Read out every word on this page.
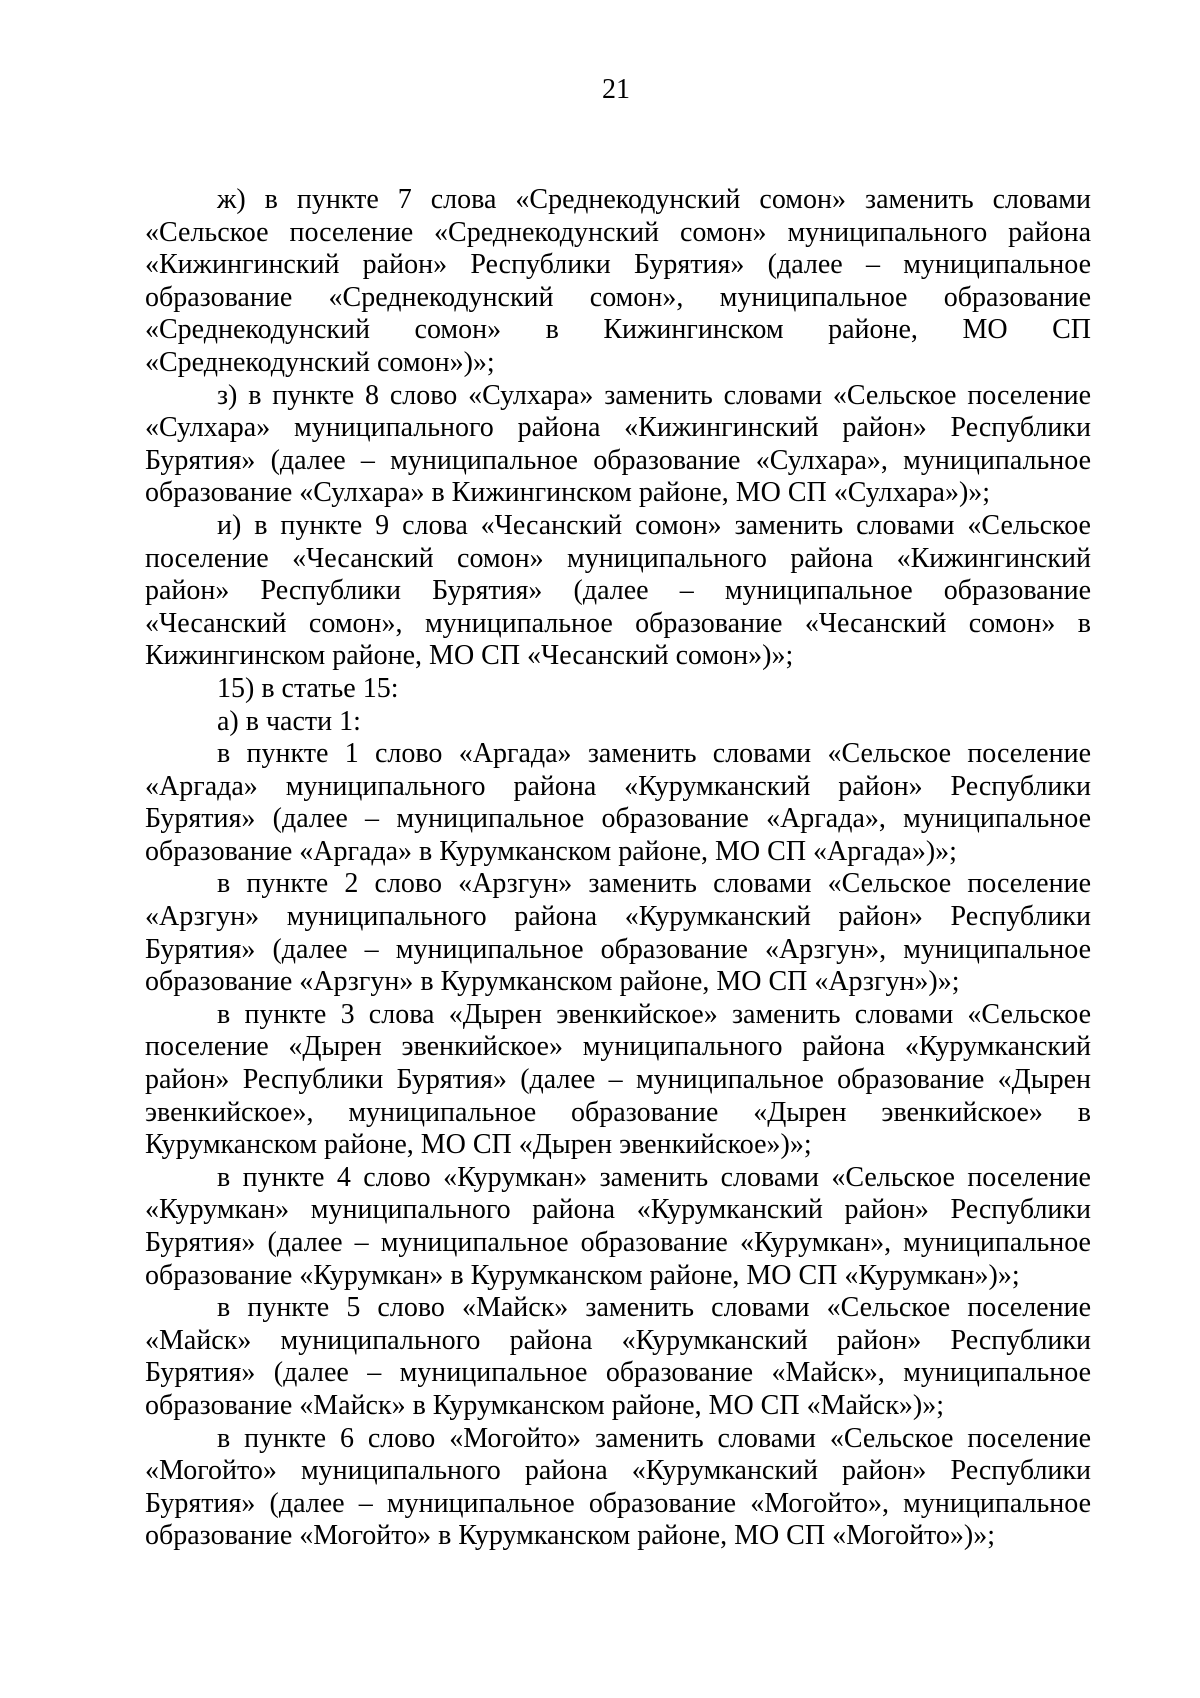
21

ж) в пункте 7 слова «Среднекодунский сомон» заменить словами «Сельское поселение «Среднекодунский сомон» муниципального района «Кижингинский район» Республики Бурятия» (далее – муниципальное образование «Среднекодунский сомон», муниципальное образование «Среднекодунский сомон» в Кижингинском районе, МО СП «Среднекодунский сомон»)»;

з) в пункте 8 слово «Сулхара» заменить словами «Сельское поселение «Сулхара» муниципального района «Кижингинский район» Республики Бурятия» (далее – муниципальное образование «Сулхара», муниципальное образование «Сулхара» в Кижингинском районе, МО СП «Сулхара»)»;

и) в пункте 9 слова «Чесанский сомон» заменить словами «Сельское поселение «Чесанский сомон» муниципального района «Кижингинский район» Республики Бурятия» (далее – муниципальное образование «Чесанский сомон», муниципальное образование «Чесанский сомон» в Кижингинском районе, МО СП «Чесанский сомон»)»;

15) в статье 15:

а) в части 1:

в пункте 1 слово «Аргада» заменить словами «Сельское поселение «Аргада» муниципального района «Курумканский район» Республики Бурятия» (далее – муниципальное образование «Аргада», муниципальное образование «Аргада» в Курумканском районе, МО СП «Аргада»)»;

в пункте 2 слово «Арзгун» заменить словами «Сельское поселение «Арзгун» муниципального района «Курумканский район» Республики Бурятия» (далее – муниципальное образование «Арзгун», муниципальное образование «Арзгун» в Курумканском районе, МО СП «Арзгун»)»;

в пункте 3 слова «Дырен эвенкийское» заменить словами «Сельское поселение «Дырен эвенкийское» муниципального района «Курумканский район» Республики Бурятия» (далее – муниципальное образование «Дырен эвенкийское», муниципальное образование «Дырен эвенкийское» в Курумканском районе, МО СП «Дырен эвенкийское»)»;

в пункте 4 слово «Курумкан» заменить словами «Сельское поселение «Курумкан» муниципального района «Курумканский район» Республики Бурятия» (далее – муниципальное образование «Курумкан», муниципальное образование «Курумкан» в Курумканском районе, МО СП «Курумкан»)»;

в пункте 5 слово «Майск» заменить словами «Сельское поселение «Майск» муниципального района «Курумканский район» Республики Бурятия» (далее – муниципальное образование «Майск», муниципальное образование «Майск» в Курумканском районе, МО СП «Майск»)»;

в пункте 6 слово «Могойто» заменить словами «Сельское поселение «Могойто» муниципального района «Курумканский район» Республики Бурятия» (далее – муниципальное образование «Могойто», муниципальное образование «Могойто» в Курумканском районе, МО СП «Могойто»)»;
